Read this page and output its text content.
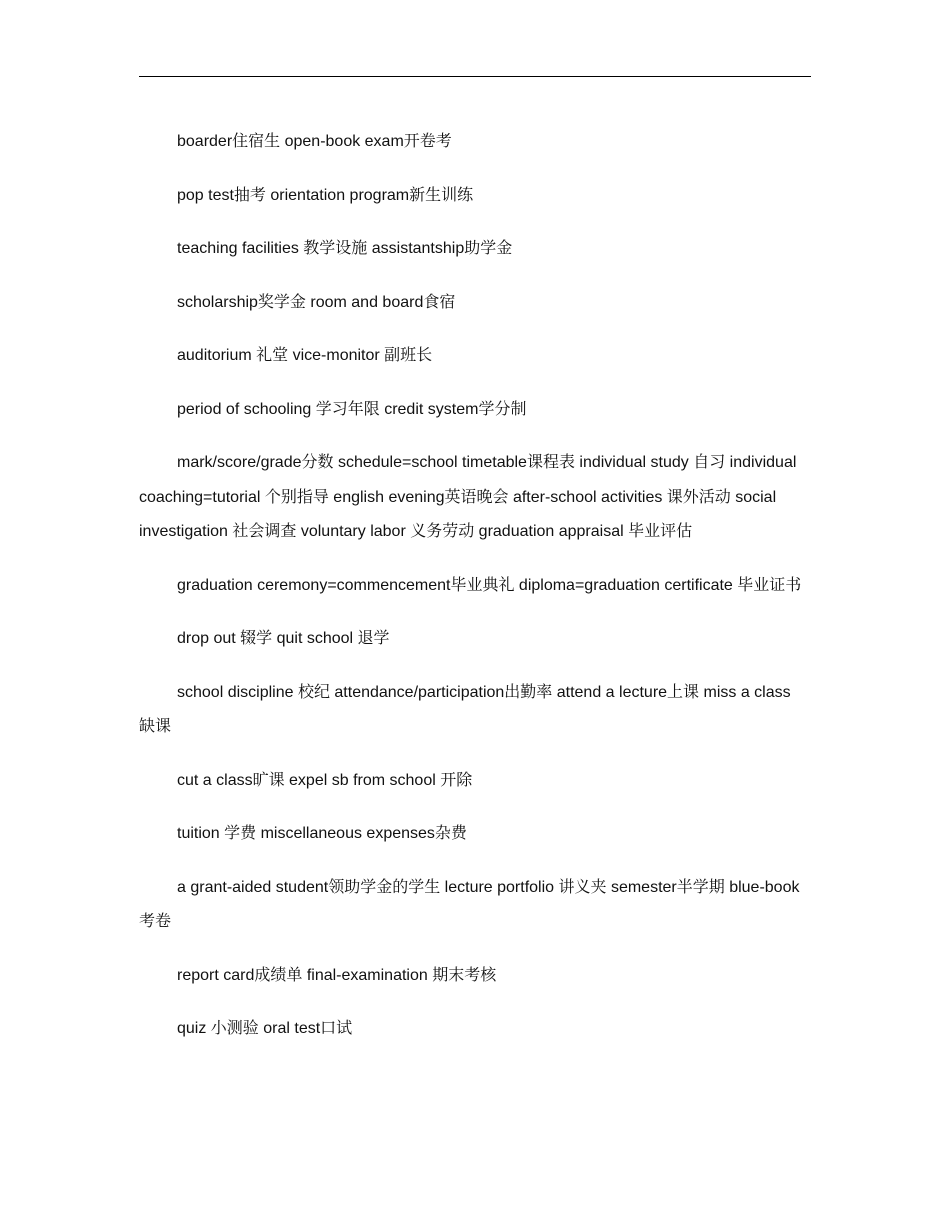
boarder住宿生 open-book exam开卷考

pop test抽考 orientation program新生训练

teaching facilities 教学设施 assistantship助学金

scholarship奖学金 room and board食宿

auditorium 礼堂 vice-monitor 副班长

period of schooling 学习年限 credit system学分制

mark/score/grade分数 schedule=school timetable课程表 individual study 自习 individual coaching=tutorial 个别指导 english evening英语晚会 after-school activities 课外活动 social investigation 社会调查 voluntary labor 义务劳动 graduation appraisal 毕业评估

graduation ceremony=commencement毕业典礼 diploma=graduation certificate 毕业证书

drop out 辍学 quit school 退学

school discipline 校纪 attendance/participation出勤率 attend a lecture上课 miss a class缺课

cut a class旷课 expel sb from school 开除

tuition 学费 miscellaneous expenses杂费

a grant-aided student领助学金的学生 lecture portfolio 讲义夹 semester半学期 blue-book 考卷

report card成绩单 final-examination 期末考核

quiz 小测验 oral test口试
